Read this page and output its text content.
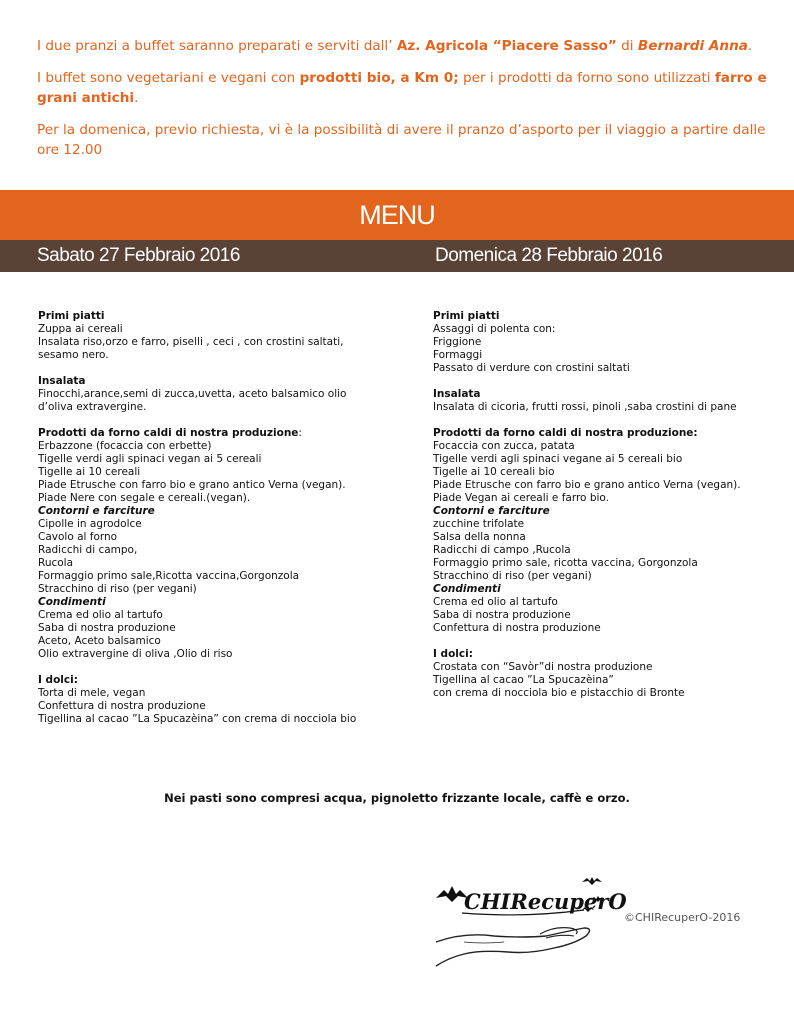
I due pranzi a buffet saranno preparati e serviti dall’ Az. Agricola “Piacere Sasso” di Bernardi Anna.

I buffet sono vegetariani e vegani con prodotti bio, a Km 0; per i prodotti da forno sono utilizzati farro e grani antichi.

Per la domenica, previo richiesta, vi è la possibilità di avere il pranzo d’asporto per il viaggio a partire dalle ore 12.00

MENU
Sabato 27 Febbraio 2016	Domenica 28 Febbraio 2016
Primi piatti
Zuppa ai cereali
Insalata riso,orzo e farro, piselli , ceci , con crostini saltati,
sesamo nero.
Insalata
Finocchi,arance,semi di zucca,uvetta, aceto balsamico olio
d’oliva extravergine.
Prodotti da forno caldi di nostra produzione:
Erbazzone (focaccia con erbette)
Tigelle verdi agli spinaci vegan ai 5 cereali
Tigelle ai 10 cereali
Piade Etrusche con farro bio e grano antico Verna (vegan).
Piade Nere con segale e cereali.(vegan).
Contorni e farciture
Cipolle in agrodolce
Cavolo al forno
Radicchi di campo,
Rucola
Formaggio primo sale,Ricotta vaccina,Gorgonzola
Stracchino di riso (per vegani)
Condimenti
Crema ed olio al tartufo
Saba di nostra produzione
Aceto, Aceto balsamico
Olio extravergine di oliva ,Olio di riso
I dolci:
Torta di mele, vegan
Confettura di nostra produzione
Tigellina al cacao ”La Spucazèina” con crema di nocciola bio
Primi piatti
Assaggi di polenta con:
Friggione
Formaggi
Passato di verdure con crostini saltati
Insalata
Insalata di cicoria, frutti rossi, pinoli ,saba crostini di pane
Prodotti da forno caldi di nostra produzione:
Focaccia con zucca, patata
Tigelle verdi agli spinaci vegane ai 5 cereali bio
Tigelle ai 10 cereali bio
Piade Etrusche con farro bio e grano antico Verna (vegan).
Piade Vegan ai cereali e farro bio.
Contorni e farciture
zucchine trifolate
Salsa della nonna
Radicchi di campo ,Rucola
Formaggio primo sale, ricotta vaccina, Gorgonzola
Stracchino di riso (per vegani)
Condimenti
Crema ed olio al tartufo
Saba di nostra produzione
Confettura di nostra produzione
I dolci:
Crostata con “Savòr”di nostra produzione
Tigellina al cacao ”La Spucazèina”
con crema di nocciola bio e pistacchio di Bronte
Nei pasti sono compresi acqua, pignoletto frizzante locale, caffè e orzo.
CHIRecuperO
©CHIRecuperO-2016
